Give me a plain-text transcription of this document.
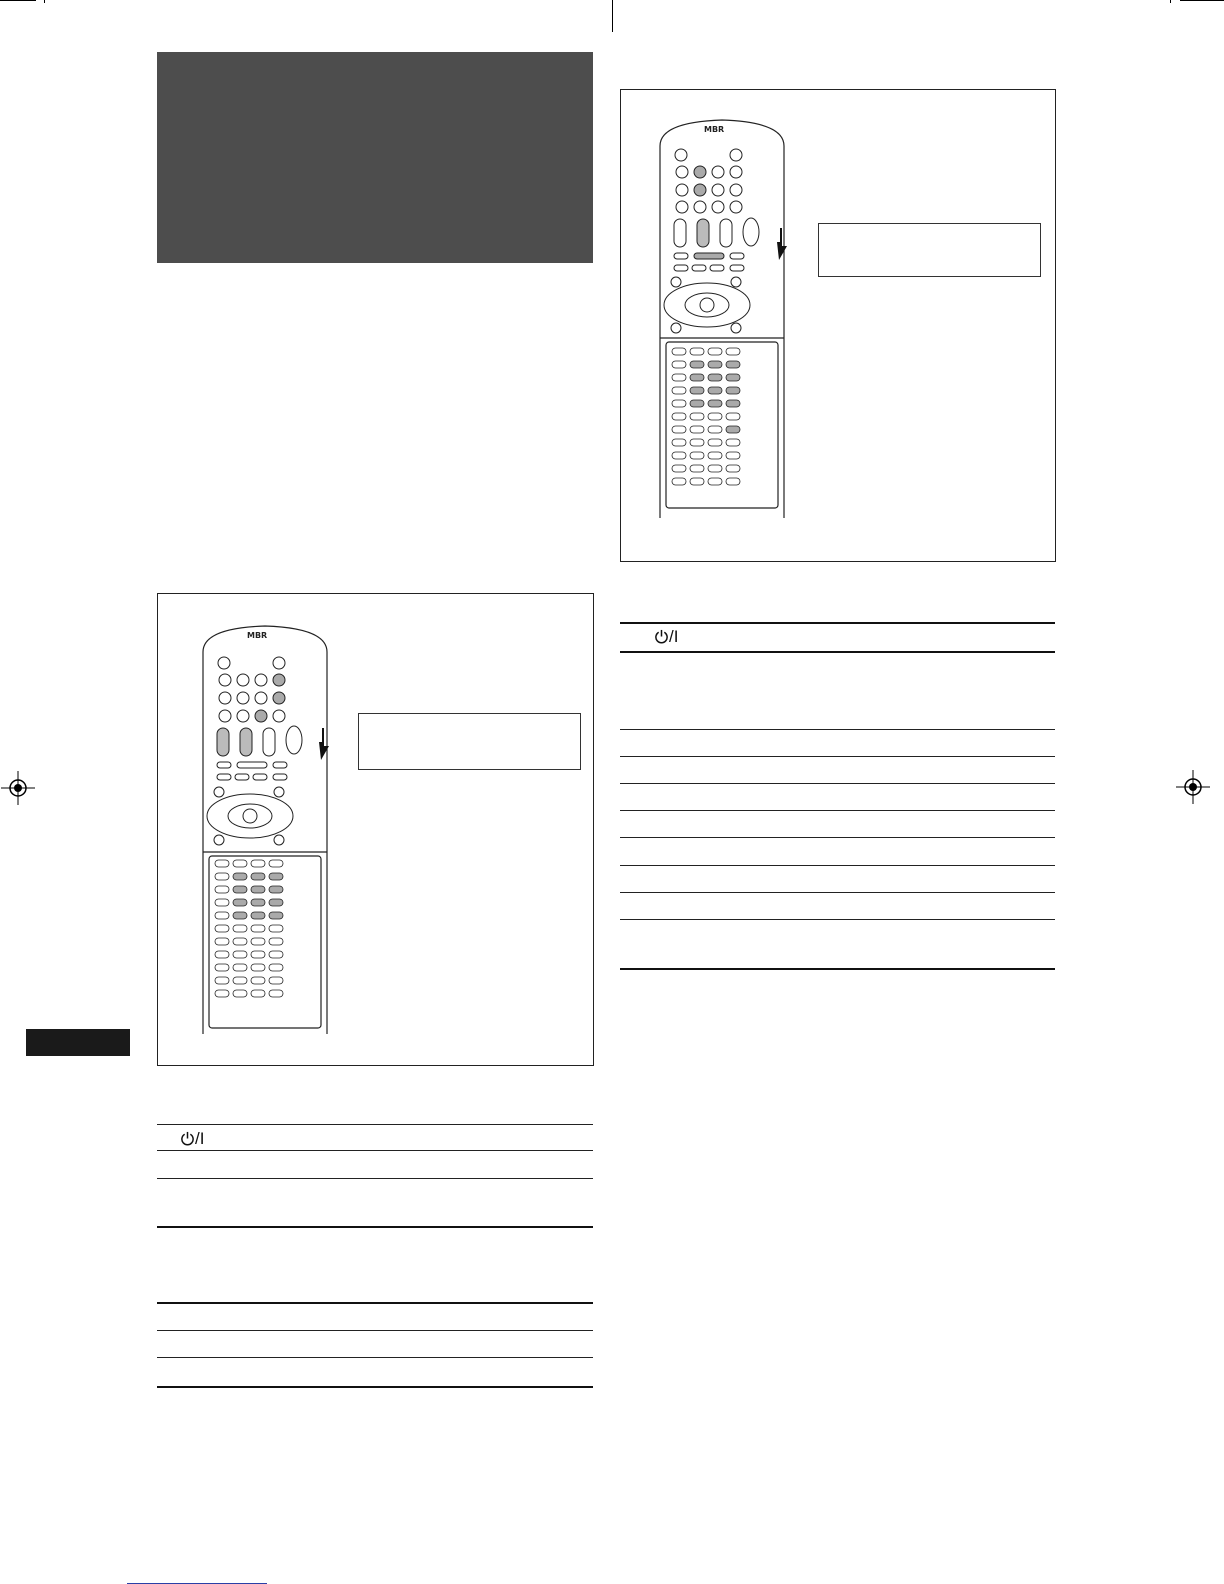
MBR
MBR
/I
/I
